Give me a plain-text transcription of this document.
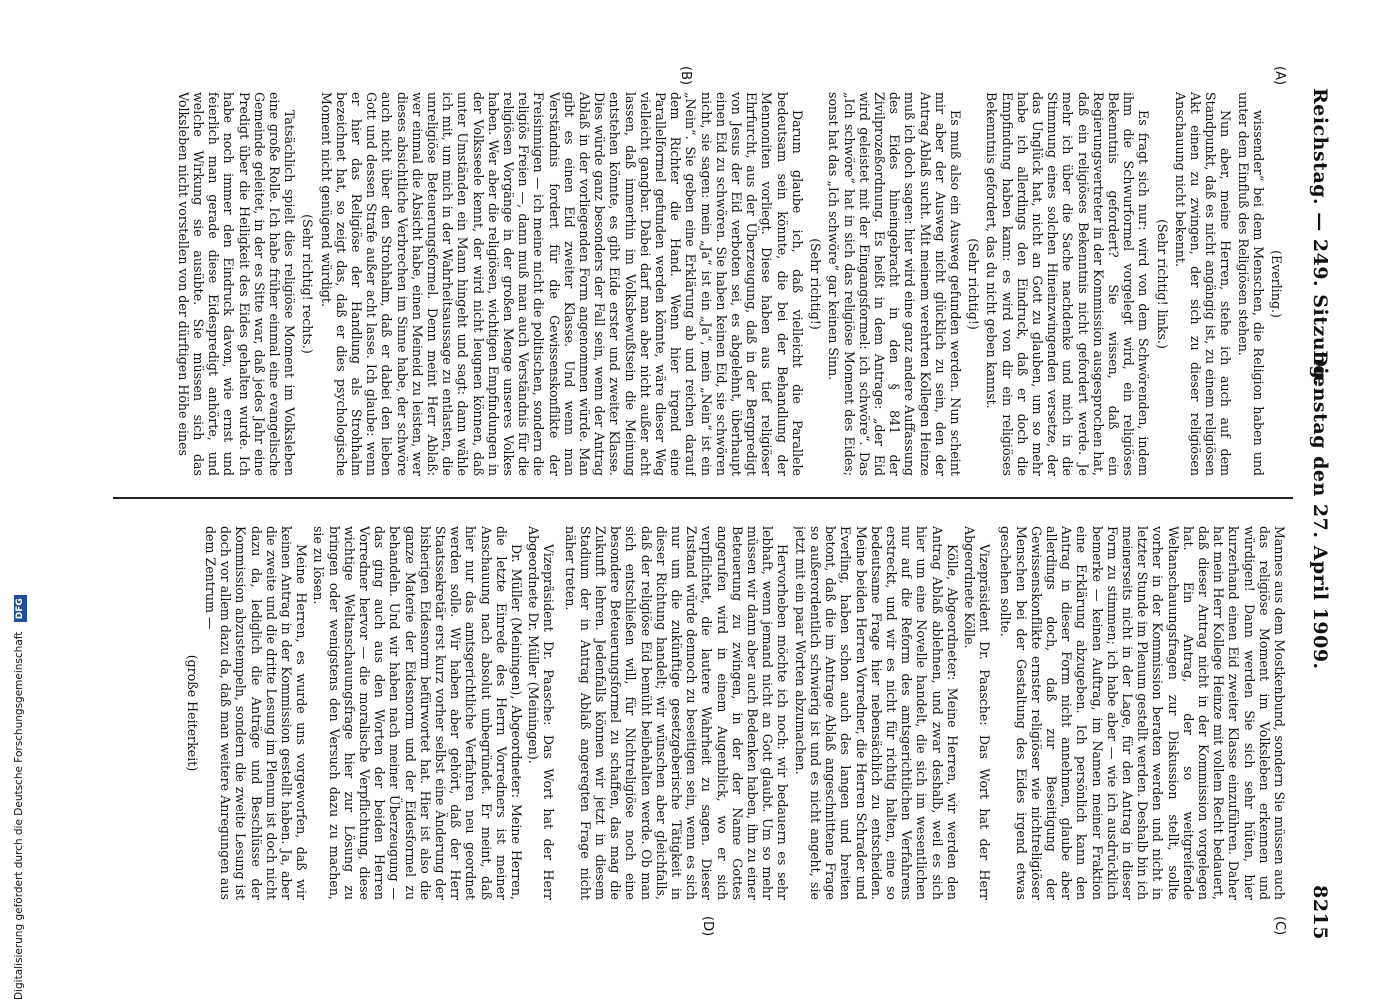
Reichstag. — 249. Sitzung.
Dienstag den 27. April 1909.
8215
(A)
(B)
(C)
(D)

(Everling.)

wissender“ bei dem Menschen, die Religion haben und unter dem Einfluß des Religiösen stehen.

Nun aber, meine Herren, stehe ich auch auf dem Standpunkt, daß es nicht angängig ist, zu einem religiösen Akt einen zu zwingen, der sich zu dieser religiösen Anschauung nicht bekennt.

(Sehr richtig! links.)

Es fragt sich nur: wird von dem Schwörenden, indem ihm die Schwurformel vorgelegt wird, ein religiöses Bekenntnis gefordert? Sie wissen, daß ein Regierungsvertreter in der Kommission ausgesprochen hat, daß ein religiöses Bekenntnis nicht gefordert werde. Je mehr ich über die Sache nachdenke und mich in die Stimmung eines solchen Hineinzwingenden versetze, der das Unglück hat, nicht an Gott zu glauben, um so mehr habe ich allerdings den Eindruck, daß er doch die Empfindung haben kann: es wird von dir ein religiöses Bekenntnis gefordert, das du nicht geben kannst.

(Sehr richtig!)

Es muß also ein Ausweg gefunden werden. Nun scheint mir aber der Ausweg nicht glücklich zu sein, den der Antrag Ablaß sucht. Mit meinem verehrten Kollegen Heinze muß ich doch sagen: hier wird eine ganz andere Auffassung des Eides hineingebracht in den § 841 der Zivilprozeßordnung. Es heißt in dem Antrage: „der Eid wird geleistet mit der Eingangsformel: ich schwöre“. Das „Ich schwöre“ hat in sich das religiöse Moment des Eides; sonst hat das „Ich schwöre“ gar keinen Sinn.

(Sehr richtig!)

Darum glaube ich, daß vielleicht die Parallele bedeutsam sein könnte, die bei der Behandlung der Mennoniten vorliegt. Diese haben aus tief religiöser Ehrfurcht, aus der Überzeugung, daß in der Bergpredigt von Jesus der Eid verboten sei, es abgelehnt, überhaupt einen Eid zu schwören. Sie haben keinen Eid, sie schwören nicht, sie sagen: mein „Ja“ ist ein „Ja“, mein „Nein“ ist ein „Nein“. Sie geben eine Erklärung ab und reichen darauf dem Richter die Hand. Wenn hier irgend eine Parallelformel gefunden werden könnte, wäre dieser Weg vielleicht gangbar. Dabei darf man aber nicht außer acht lassen, daß immerhin im Volksbewußtsein die Meinung entstehen könnte, es gibt Eide erster und zweiter Klasse. Dies würde ganz besonders der Fall sein, wenn der Antrag Ablaß in der vorliegenden Form angenommen würde. Man gibt es einen Eid zweiter Klasse. Und wenn man Verständnis fordert für die Gewissenskonflikte der Freisinnigen — ich meine nicht die politischen, sondern die religiös Freien —, dann muß man auch Verständnis für die religiösen Vorgänge in der großen Menge unseres Volkes haben. Wer aber die religiösen, wichtigen Empfindungen in der Volksseele kennt, der wird nicht leugnen können, daß unter Umständen ein Mann hingeht und sagt: dann wähle ich mit, um mich in der Wahrheitsaussage zu entlasten, die unreligiöse Beteuerungsformel. Denn meint Herr Ablaß: wer einmal die Absicht habe, einen Meineid zu leisten, wer dieses absichtliche Verbrechen im Sinne habe, der schwöre auch nicht über den Strohhalm, daß er dabei den lieben Gott und dessen Strafe außer acht lasse. Ich glaube: wenn er hier das Religiöse der Handlung als Strohhalm bezeichnet hat, so zeigt das, daß er dies psychologische Moment nicht genügend würdigt.

(Sehr richtig! rechts.)

Tatsächlich spielt dies religiöse Moment im Volksleben eine große Rolle. Ich habe früher einmal eine evangelische Gemeinde geleitet, in der es Sitte war, daß jedes Jahr eine Predigt über die Heiligkeit des Eides gehalten wurde. Ich habe noch immer den Eindruck davon, wie ernst und feierlich man gerade diese Eidespredigt anhörte, und welche Wirkung sie ausübte. Sie müssen sich das Volksleben nicht vorstellen von der dürftigen Höhe eines

Mannes aus dem Mostkenbund, sondern Sie müssen auch das religiöse Moment im Volksleben erkennen und würdigen! Dann werden Sie sich sehr hüten, hier kurzerhand einen Eid zweiter Klasse einzuführen. Daher hat mein Herr Kollege Heinze mit vollem Recht bedauert, daß dieser Antrag nicht in der Kommission vorgelegen hat. Ein Antrag, der so weitgreifende Weltanschauungsfragen zur Diskussion stellt, sollte vorher in der Kommission beraten werden und nicht in letzter Stunde im Plenum gestellt werden. Deshalb bin ich meinerseits nicht in der Lage, für den Antrag in dieser Form zu stimmen; ich habe aber — wie ich ausdrücklich bemerke — keinen Auftrag, im Namen meiner Fraktion eine Erklärung abzugeben. Ich persönlich kann den Antrag in dieser Form nicht annehmen, glaube aber allerdings doch, daß zur Beseitigung der Gewissenskonflikte ernster religiöser wie nichtreligiöser Menschen bei der Gestaltung des Eides irgend etwas geschehen sollte.

Vizepräsident Dr. Paasche: Das Wort hat der Herr Abgeordnete Kölle.

Kölle, Abgeordneter: Meine Herren, wir werden den Antrag Ablaß ablehnen, und zwar deshalb, weil es sich hier um eine Novelle handelt, die sich im wesentlichen nur auf die Reform des amtsgerichtlichen Verfahrens erstreckt, und wir es nicht für richtig halten, eine so bedeutsame Frage hier nebensächlich zu entscheiden. Meine beiden Herren Vorredner, die Herren Schrader und Everling, haben schon auch des langen und breiten betont, daß die im Antrage Ablaß angeschnittene Frage so außerordentlich schwierig ist und es nicht angeht, sie jetzt mit ein paar Worten abzumachen.

Hervorheben möchte ich noch: wir bedauern es sehr lebhaft, wenn jemand nicht an Gott glaubt. Um so mehr müssen wir dann aber auch Bedenken haben, ihn zu einer Beteuerung zu zwingen, in der der Name Gottes angerufen wird in einem Augenblick, wo er sich verpflichtet, die lautere Wahrheit zu sagen. Dieser Zustand würde dennoch zu beseitigen sein, wenn es sich nur um die zukünftige gesetzgeberische Tätigkeit in dieser Richtung handelt; wir wünschen aber gleichfalls, daß der religiöse Eid bemüht beibehalten werde. Ob man sich entschließen will, für Nichtreligiöse noch eine besondere Beteuerungsformel zu schaffen, das mag die Zukunft lehren. Jedenfalls können wir jetzt in diesem Stadium der in Antrag Ablaß angeregten Frage nicht näher treten.

Vizepräsident Dr. Paasche: Das Wort hat der Herr Abgeordnete Dr. Müller (Meiningen).

Dr. Müller (Meiningen), Abgeordneter: Meine Herren, die letzte Einrede des Herrn Vorredners ist meiner Anschauung nach absolut unbegründet. Er meint, daß hier nur das amtsgerichtliche Verfahren neu geordnet werden solle. Wir haben aber gehört, daß der Herr Staatssekretär erst kurz vorher selbst eine Änderung der bisherigen Eidesnorm befürwortet hat. Hier ist also die ganze Materie der Eidesnorm und der Eidesformel zu behandeln. Und wir haben nach meiner Überzeugung — das ging auch aus den Worten der beiden Herren Vorredner hervor — die moralische Verpflichtung, diese wichtige Weltanschauungsfrage hier zur Lösung zu bringen oder wenigstens den Versuch dazu zu machen, sie zu lösen.

Meine Herren, es wurde uns vorgeworfen, daß wir keinen Antrag in der Kommission gestellt haben. Ja, aber die zweite und die dritte Lesung im Plenum ist doch nicht dazu da, lediglich die Anträge und Beschlüsse der Kommission abzustempeln, sondern die zweite Lesung ist doch vor allem dazu da, daß man weitere Anregungen aus dem Zentrum —

(große Heiterkeit)

Digitalisierung gefördert durch die Deutsche Forschungsgemeinschaft DFG
